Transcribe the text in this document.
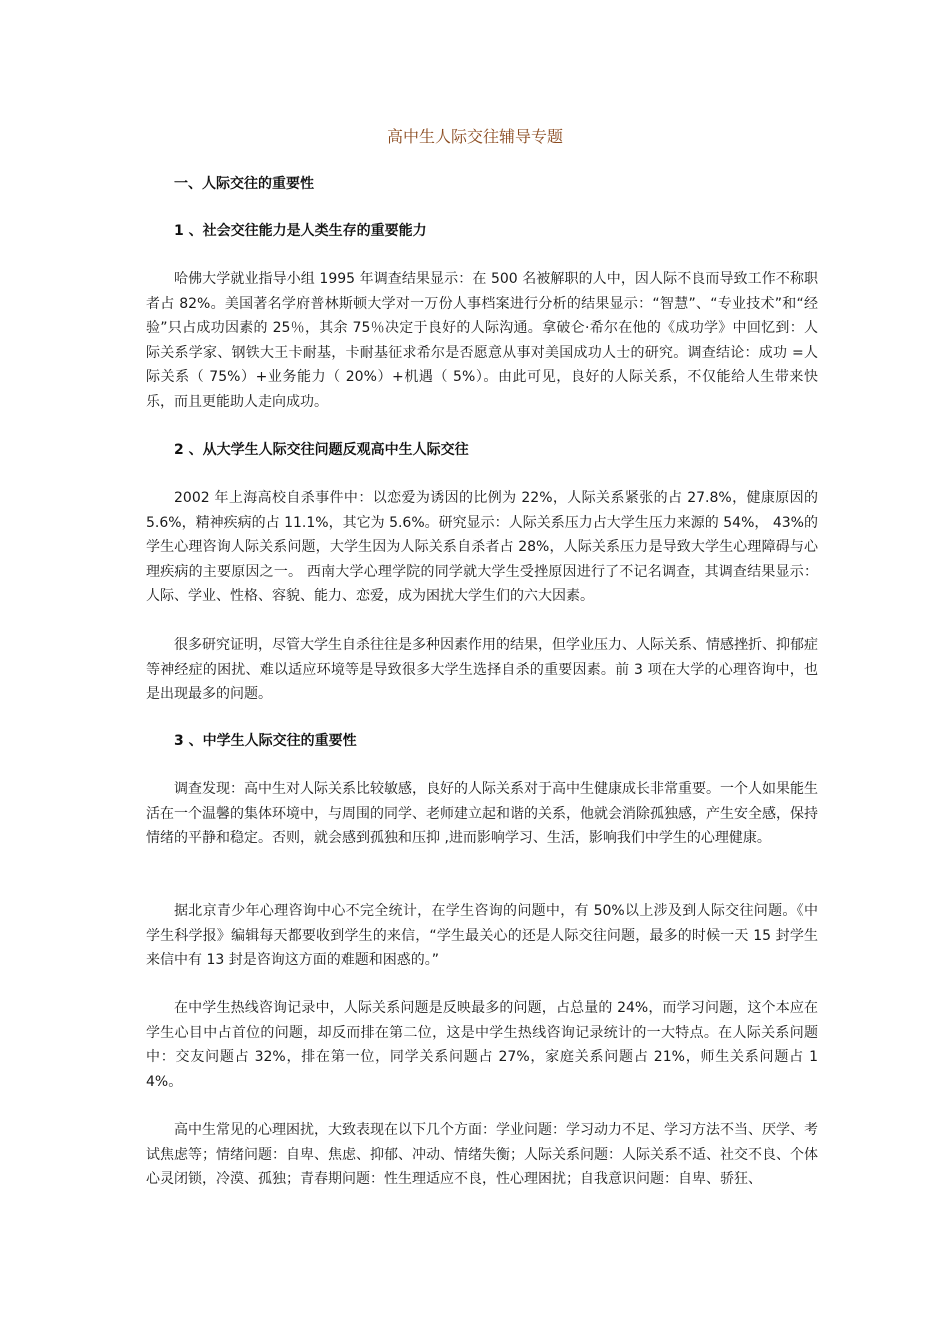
高中生人际交往辅导专题
一、人际交往的重要性
1 、社会交往能力是人类生存的重要能力

哈佛大学就业指导小组 1995 年调查结果显示：在 500 名被解职的人中，因人际不良而导致工作不称职者占 82%。美国著名学府普林斯顿大学对一万份人事档案进行分析的结果显示：“智慧”、“专业技术”和“经验”只占成功因素的 25％，其余 75％决定于良好的人际沟通。拿破仑·希尔在他的《成功学》中回忆到：人际关系学家、钢铁大王卡耐基，卡耐基征求希尔是否愿意从事对美国成功人士的研究。调查结论：成功 =人际关系（ 75%）+业务能力（ 20%）+机遇（ 5%）。由此可见，良好的人际关系，不仅能给人生带来快乐，而且更能助人走向成功。

2 、从大学生人际交往问题反观高中生人际交往

2002 年上海高校自杀事件中：以恋爱为诱因的比例为 22%，人际关系紧张的占 27.8%，健康原因的 5.6%，精神疾病的占 11.1%，其它为 5.6%。研究显示：人际关系压力占大学生压力来源的 54%， 43%的学生心理咨询人际关系问题，大学生因为人际关系自杀者占 28%，人际关系压力是导致大学生心理障碍与心理疾病的主要原因之一。 西南大学心理学院的同学就大学生受挫原因进行了不记名调查，其调查结果显示：人际、学业、性格、容貌、能力、恋爱，成为困扰大学生们的六大因素。

很多研究证明，尽管大学生自杀往往是多种因素作用的结果，但学业压力、人际关系、情感挫折、抑郁症等神经症的困扰、难以适应环境等是导致很多大学生选择自杀的重要因素。前 3 项在大学的心理咨询中，也是出现最多的问题。

3 、中学生人际交往的重要性

调查发现：高中生对人际关系比较敏感，良好的人际关系对于高中生健康成长非常重要。一个人如果能生活在一个温馨的集体环境中，与周围的同学、老师建立起和谐的关系，他就会消除孤独感，产生安全感，保持情绪的平静和稳定。否则，就会感到孤独和压抑 ,进而影响学习、生活，影响我们中学生的心理健康。

据北京青少年心理咨询中心不完全统计，在学生咨询的问题中，有 50%以上涉及到人际交往问题。《中学生科学报》编辑每天都要收到学生的来信，“学生最关心的还是人际交往问题，最多的时候一天 15 封学生来信中有 13 封是咨询这方面的难题和困惑的。”

在中学生热线咨询记录中，人际关系问题是反映最多的问题，占总量的 24%，而学习问题，这个本应在学生心目中占首位的问题，却反而排在第二位，这是中学生热线咨询记录统计的一大特点。在人际关系问题中：交友问题占 32%，排在第一位，同学关系问题占 27%，家庭关系问题占 21%，师生关系问题占 14%。

高中生常见的心理困扰，大致表现在以下几个方面：学业问题：学习动力不足、学习方法不当、厌学、考试焦虑等；情绪问题：自卑、焦虑、抑郁、冲动、情绪失衡；人际关系问题：人际关系不适、社交不良、个体心灵闭锁，冷漠、孤独；青春期问题：性生理适应不良，性心理困扰；自我意识问题：自卑、骄狂、
